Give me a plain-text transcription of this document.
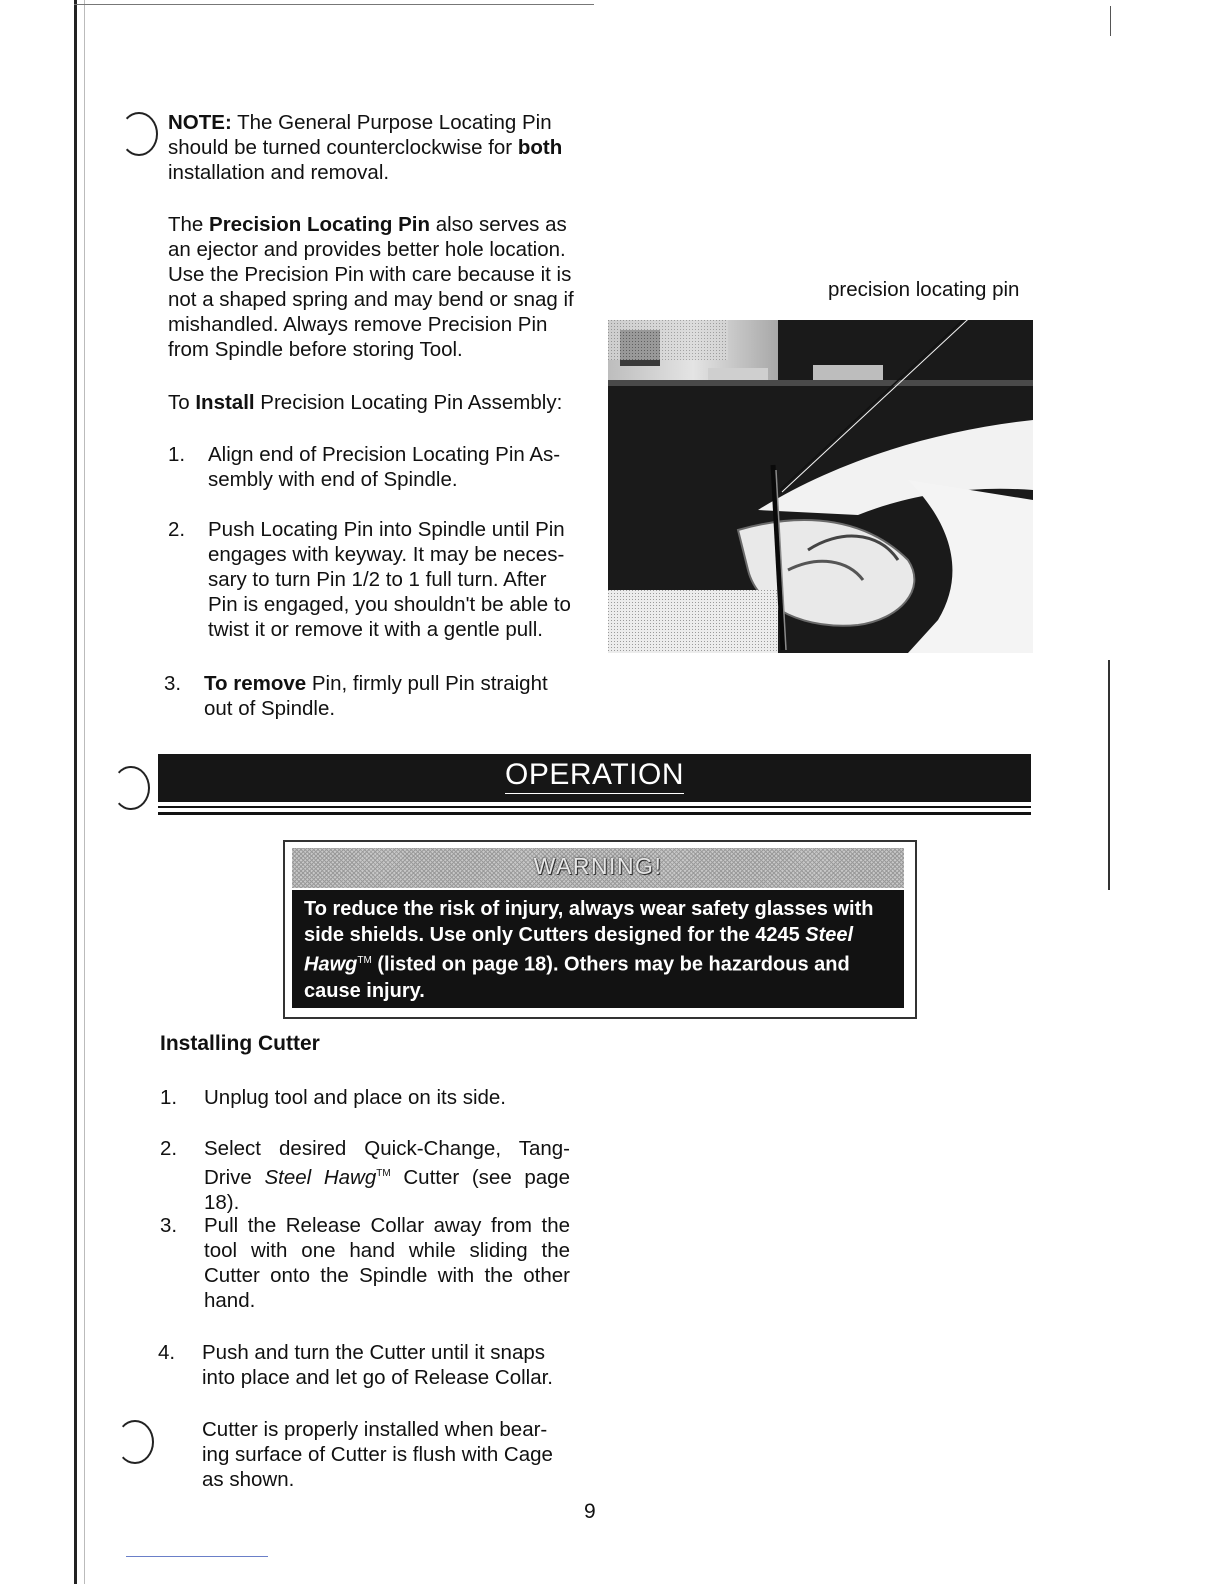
NOTE: The General Purpose Locating Pin should be turned counterclockwise for both installation and removal.
The Precision Locating Pin also serves as an ejector and provides better hole location. Use the Precision Pin with care because it is not a shaped spring and may bend or snag if mishandled. Always remove Precision Pin from Spindle before storing Tool.
To Install Precision Locating Pin Assembly:
1. Align end of Precision Locating Pin As-sembly with end of Spindle.
2. Push Locating Pin into Spindle until Pin engages with keyway. It may be neces-sary to turn Pin 1/2 to 1 full turn. After Pin is engaged, you shouldn't be able to twist it or remove it with a gentle pull.
3. To remove Pin, firmly pull Pin straight out of Spindle.
precision locating pin
OPERATION
WARNING!
To reduce the risk of injury, always wear safety glasses with side shields. Use only Cutters designed for the 4245 Steel Hawg™ (listed on page 18). Others may be hazardous and cause injury.
Installing Cutter
1. Unplug tool and place on its side.
2. Select desired Quick-Change, Tang-Drive Steel Hawg™ Cutter (see page 18).
3. Pull the Release Collar away from the tool with one hand while sliding the Cutter onto the Spindle with the other hand.
4. Push and turn the Cutter until it snaps into place and let go of Release Collar.
Cutter is properly installed when bear-ing surface of Cutter is flush with Cage as shown.
9
